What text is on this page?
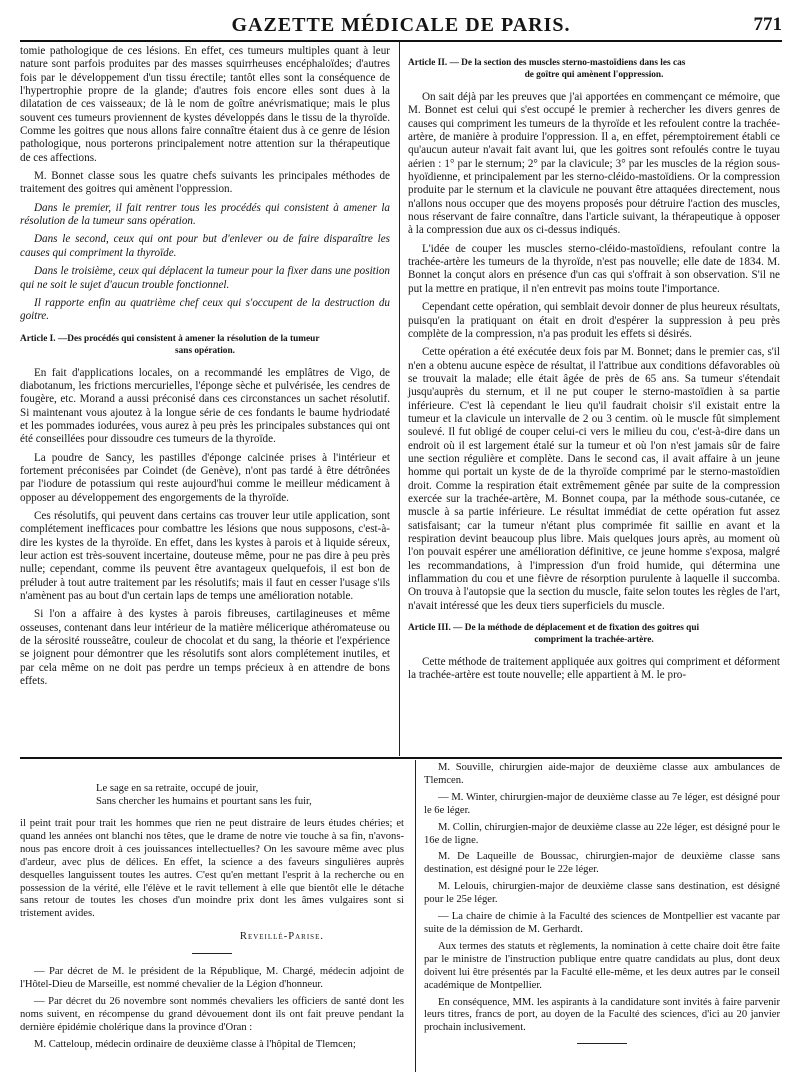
GAZETTE MÉDICALE DE PARIS.	771

tomie pathologique de ces lésions. En effet, ces tumeurs multiples quant à leur nature sont parfois produites par des masses squirrheuses encéphaloïdes; d'autres fois par le développement d'un tissu érectile; tantôt elles sont la conséquence de l'hypertrophie propre de la glande; d'autres fois encore elles sont dues à la dilatation de ces vaisseaux; de là le nom de goître anévrismatique; mais le plus souvent ces tumeurs proviennent de kystes développés dans le tissu de la thyroïde. Comme les goitres que nous allons faire connaître étaient dus à ce genre de lésion pathologique, nous porterons principalement notre attention sur la thérapeutique de ces affections.

M. Bonnet classe sous les quatre chefs suivants les principales méthodes de traitement des goitres qui amènent l'oppression.

Dans le premier, il fait rentrer tous les procédés qui consistent à amener la résolution de la tumeur sans opération.

Dans le second, ceux qui ont pour but d'enlever ou de faire disparaître les causes qui compriment la thyroïde.

Dans le troisième, ceux qui déplacent la tumeur pour la fixer dans une position qui ne soit le sujet d'aucun trouble fonctionnel.

Il rapporte enfin au quatrième chef ceux qui s'occupent de la destruction du goitre.

Article I. —Des procédés qui consistent à amener la résolution de la tumeur
sans opération.

En fait d'applications locales, on a recommandé les emplâtres de Vigo, de diabotanum, les frictions mercurielles, l'éponge sèche et pulvérisée, les cendres de fougère, etc. Morand a aussi préconisé dans ces circonstances un sachet résolutif. Si maintenant vous ajoutez à la longue série de ces fondants le baume hydriodaté et les pommades iodurées, vous aurez à peu près les principales substances qui ont été conseillées pour dissoudre ces tumeurs de la thyroïde.

La poudre de Sancy, les pastilles d'éponge calcinée prises à l'intérieur et fortement préconisées par Coindet (de Genève), n'ont pas tardé à être détrônées par l'iodure de potassium qui reste aujourd'hui comme le meilleur médicament à opposer au développement des engorgements de la thyroïde.

Ces résolutifs, qui peuvent dans certains cas trouver leur utile application, sont complétement inefficaces pour combattre les lésions que nous supposons, c'est-à-dire les kystes de la thyroïde. En effet, dans les kystes à parois et à liquide séreux, leur action est très-souvent incertaine, douteuse même, pour ne pas dire à peu près nulle; cependant, comme ils peuvent être avantageux quelquefois, il est bon de préluder à tout autre traitement par les résolutifs; mais il faut en cesser l'usage s'ils n'amènent pas au bout d'un certain laps de temps une amélioration notable.

Si l'on a affaire à des kystes à parois fibreuses, cartilagineuses et même osseuses, contenant dans leur intérieur de la matière méliceriquе athéromateuse ou de la sérosité rousseâtre, couleur de chocolat et du sang, la théorie et l'expérience se joignent pour démontrer que les résolutifs sont alors complétement inutiles, et par cela même on ne doit pas perdre un temps précieux à en attendre de bons effets.

Article II. — De la section des muscles sterno-mastoïdiens dans les cas
de goître qui amènent l'oppression.

On sait déjà par les preuves que j'ai apportées en commençant ce mémoire, que M. Bonnet est celui qui s'est occupé le premier à rechercher les divers genres de causes qui compriment les tumeurs de la thyroïde et les refoulent contre la trachée-artère, de manière à produire l'oppression. Il a, en effet, péremptoirement établi ce qu'aucun auteur n'avait fait avant lui, que les goitres sont refoulés contre le tuyau aérien : 1° par le sternum; 2° par la clavicule; 3° par les muscles de la région sous-hyoïdienne, et principalement par les sterno-cléido-mastoïdiens. Or la compression produite par le sternum et la clavicule ne pouvant être attaquées directement, nous n'allons nous occuper que des moyens proposés pour détruire l'action des muscles, nous réservant de faire connaître, dans l'article suivant, la thérapeutique à opposer à la compression due aux os ci-dessus indiqués.

L'idée de couper les muscles sterno-cléido-mastoïdiens, refoulant contre la trachée-artère les tumeurs de la thyroïde, n'est pas nouvelle; elle date de 1834. M. Bonnet la conçut alors en présence d'un cas qui s'offrait à son observation. S'il ne put la mettre en pratique, il n'en entrevit pas moins toute l'importance.

Cependant cette opération, qui semblait devoir donner de plus heureux résultats, puisqu'en la pratiquant on était en droit d'espérer la suppression à peu près complète de la compression, n'a pas produit les effets si désirés.

Cette opération a été exécutée deux fois par M. Bonnet; dans le premier cas, s'il n'en a obtenu aucune espèce de résultat, il l'attribue aux conditions défavorables où se trouvait la malade; elle était âgée de près de 65 ans. Sa tumeur s'étendait jusqu'auprès du sternum, et il ne put couper le sterno-mastoïdien à sa partie inférieure. C'est là cependant le lieu qu'il faudrait choisir s'il existait entre la tumeur et la clavicule un intervalle de 2 ou 3 centim. où le muscle fût simplement soulevé. Il fut obligé de couper celui-ci vers le milieu du cou, c'est-à-dire dans un endroit où il est largement étalé sur la tumeur et où l'on n'est jamais sûr de faire une section régulière et complète. Dans le second cas, il avait affaire à un jeune homme qui portait un kyste de de la thyroïde comprimé par le sterno-mastoïdien droit. Comme la respiration était extrêmement gênée par suite de la compression exercée sur la trachée-artère, M. Bonnet coupa, par la méthode sous-cutanée, ce muscle à sa partie inférieure. Le résultat immédiat de cette opération fut assez satisfaisant; car la tumeur n'étant plus comprimée fit saillie en avant et la respiration devint beaucoup plus libre. Mais quelques jours après, au moment où l'on pouvait espérer une amélioration définitive, ce jeune homme s'exposa, malgré les recommandations, à l'impression d'un froid humide, qui détermina une inflammation du cou et une fièvre de résorption purulente à laquelle il succomba. On trouva à l'autopsie que la section du muscle, faite selon toutes les règles de l'art, n'avait intéressé que les deux tiers superficiels du muscle.

Article III. — De la méthode de déplacement et de fixation des goitres qui
compriment la trachée-artère.

Cette méthode de traitement appliquée aux goitres qui compriment et déforment la trachée-artère est toute nouvelle; elle appartient à M. le pro-

Le sage en sa retraite, occupé de jouir,
Sans chercher les humains et pourtant sans les fuir,

il peint trait pour trait les hommes que rien ne peut distraire de leurs études chéries; et quand les années ont blanchi nos têtes, que le drame de notre vie touche à sa fin, n'avons-nous pas encore droit à ces jouissances intellectuelles? On les savoure même avec plus d'ardeur, avec plus de délices. En effet, la science a des faveurs singulières auprès desquelles languissent toutes les autres. C'est qu'en mettant l'esprit à la recherche ou en possession de la vérité, elle l'élève et le ravit tellement à elle que bientôt elle le détache sans retour de toutes les choses d'un moindre prix dont les âmes vulgaires sont si tristement avides.

Reveillé-Parise.

— Par décret de M. le président de la République, M. Chargé, médecin adjoint de l'Hôtel-Dieu de Marseille, est nommé chevalier de la Légion d'honneur.

— Par décret du 26 novembre sont nommés chevaliers les officiers de santé dont les noms suivent, en récompense du grand dévouement dont ils ont fait preuve pendant la dernière épidémie cholérique dans la province d'Oran :

M. Catteloup, médecin ordinaire de deuxième classe à l'hôpital de Tlemcen;

M. Souville, chirurgien aide-major de deuxième classe aux ambulances de Tlemcen.

— M. Winter, chirurgien-major de deuxième classe au 7e léger, est désigné pour le 6e léger.

M. Collin, chirurgien-major de deuxième classe au 22e léger, est désigné pour le 16e de ligne.

M. De Laqueille de Boussac, chirurgien-major de deuxième classe sans destination, est désigné pour le 22e léger.

M. Lelouis, chirurgien-major de deuxième classe sans destination, est désigné pour le 25e léger.

— La chaire de chimie à la Faculté des sciences de Montpellier est vacante par suite de la démission de M. Gerhardt.

Aux termes des statuts et règlements, la nomination à cette chaire doit être faite par le ministre de l'instruction publique entre quatre candidats au plus, dont deux doivent lui être présentés par la Faculté elle-même, et les deux autres par le conseil académique de Montpellier.

En conséquence, MM. les aspirants à la candidature sont invités à faire parvenir leurs titres, francs de port, au doyen de la Faculté des sciences, d'ici au 20 janvier prochain inclusivement.
